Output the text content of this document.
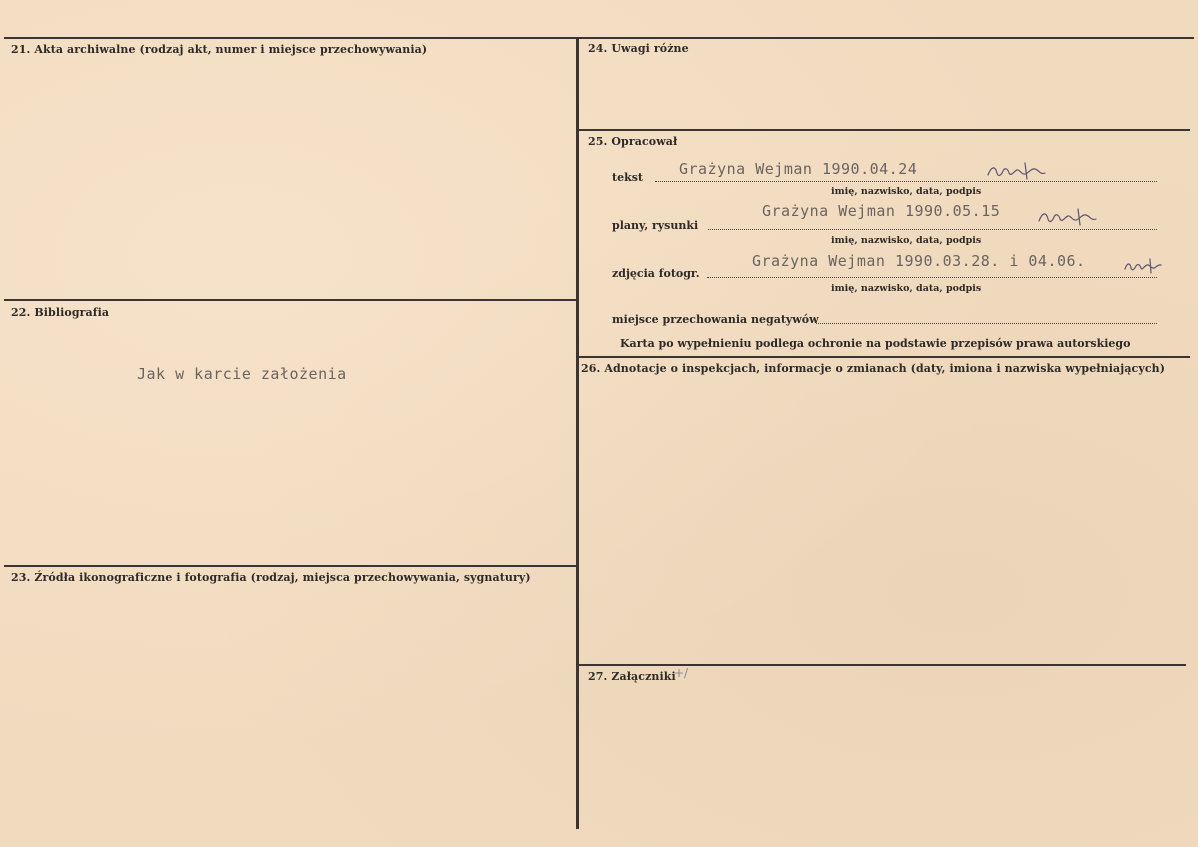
21. Akta archiwalne (rodzaj akt, numer i miejsce przechowywania)
22. Bibliografia
Jak w karcie założenia
23. Źródła ikonograficzne i fotografia (rodzaj, miejsca przechowywania, sygnatury)
24. Uwagi różne
25. Opracował
tekst Grażyna Wejman 1990.04.24
imię, nazwisko, data, podpis
plany, rysunki
Grażyna Wejman 1990.05.15
imię, nazwisko, data, podpis
zdjęcia fotogr.
Grażyna Wejman 1990.03.28. i 04.06.
imię, nazwisko, data, podpis
miejsce przechowania negatywów
Karta po wypełnieniu podlega ochronie na podstawie przepisów prawa autorskiego
26. Adnotacje o inspekcjach, informacje o zmianach (daty, imiona i nazwiska wypełniających)
27. Załączniki
+/
